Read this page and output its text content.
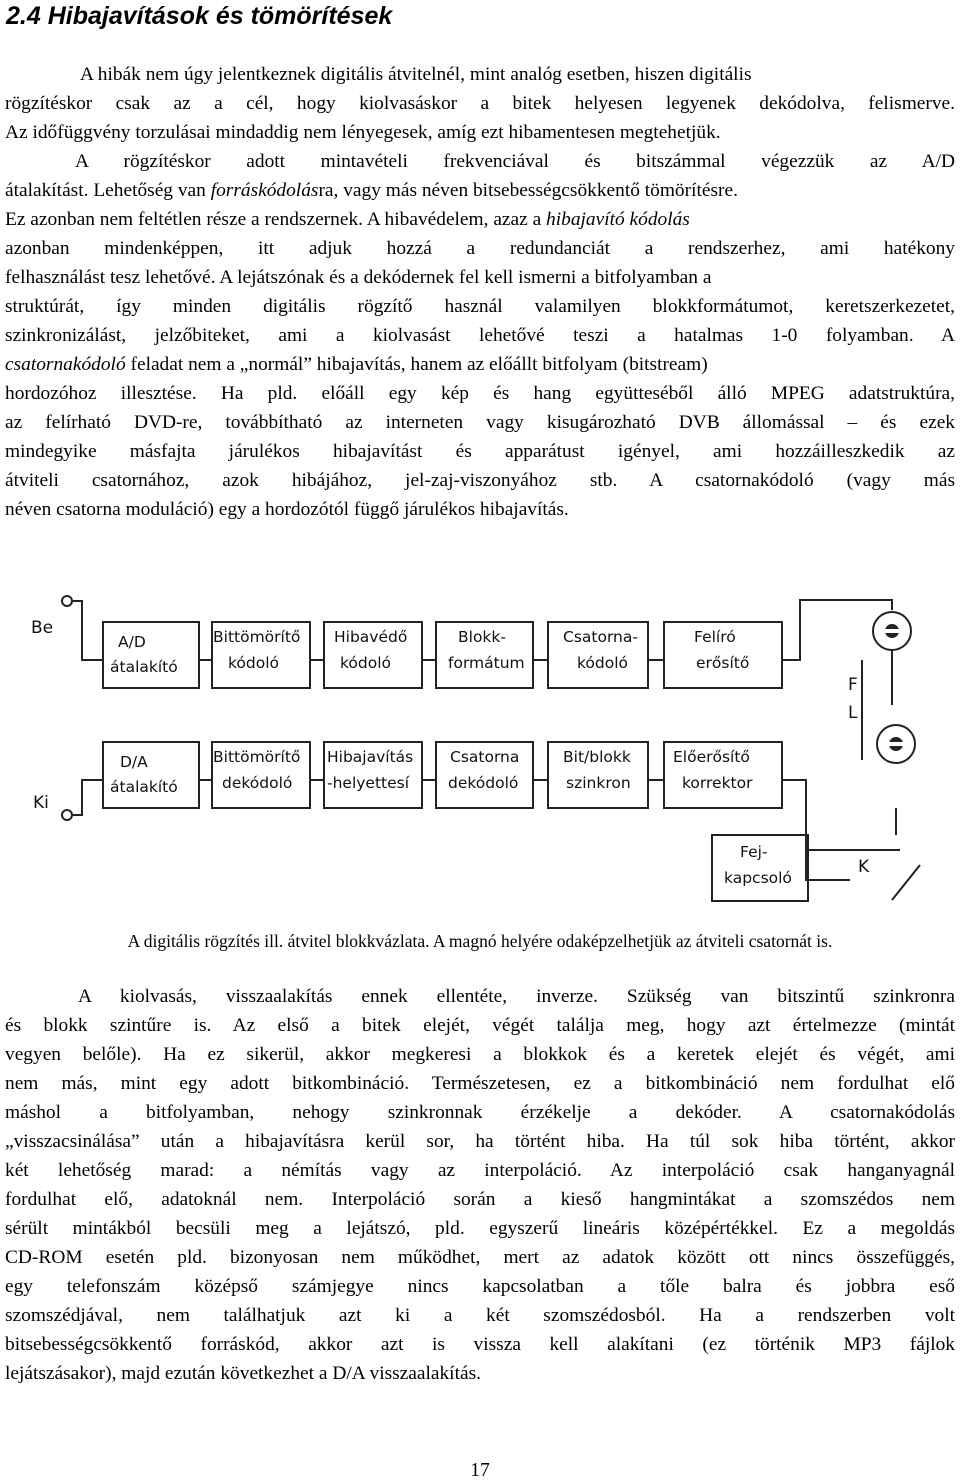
2.4 Hibajavítások és tömörítések
A hibák nem úgy jelentkeznek digitális átvitelnél, mint analóg esetben, hiszen digitális
rögzítéskor csak az a cél, hogy kiolvasáskor a bitek helyesen legyenek dekódolva, felismerve.
Az időfüggvény torzulásai mindaddig nem lényegesek, amíg ezt hibamentesen megtehetjük.
A rögzítéskor adott mintavételi frekvenciával és bitszámmal végezzük az A/D
átalakítást. Lehetőség van forráskódolásra, vagy más néven bitsebességcsökkentő tömörítésre.
Ez azonban nem feltétlen része a rendszernek. A hibavédelem, azaz a hibajavító kódolás
azonban mindenképpen, itt adjuk hozzá a redundanciát a rendszerhez, ami hatékony
felhasználást tesz lehetővé. A lejátszónak és a dekódernek fel kell ismerni a bitfolyamban a
struktúrát, így minden digitális rögzítő használ valamilyen blokkformátumot, keretszerkezetet,
szinkronizálást, jelzőbiteket, ami a kiolvasást lehetővé teszi a hatalmas 1-0 folyamban. A
csatornakódoló feladat nem a „normál” hibajavítás, hanem az előállt bitfolyam (bitstream)
hordozóhoz illesztése. Ha pld. előáll egy kép és hang együtteséből álló MPEG adatstruktúra,
az felírható DVD-re, továbbítható az interneten vagy kisugározható DVB állomással – és ezek
mindegyike másfajta járulékos hibajavítást és apparátust igényel, ami hozzáilleszkedik az
átviteli csatornához, azok hibájához, jel-zaj-viszonyához stb. A csatornakódoló (vagy más
néven csatorna moduláció) egy a hordozótól függő járulékos hibajavítás.
Be
Ki
F
L
K
A/D
átalakító
Bittömörítő
kódoló
Hibavédő
kódoló
Blokk-
formátum
Csatorna-
kódoló
Felíró
erősítő
D/A
átalakító
Bittömörítő
dekódoló
Hibajavítás
-helyettesí
Csatorna
dekódoló
Bit/blokk
szinkron
Előerősítő
korrektor
Fej-
kapcsoló
A digitális rögzítés ill. átvitel blokkvázlata. A magnó helyére odaképzelhetjük az átviteli csatornát is.
A kiolvasás, visszaalakítás ennek ellentéte, inverze. Szükség van bitszintű szinkronra
és blokk szintűre is. Az első a bitek elejét, végét találja meg, hogy azt értelmezze (mintát
vegyen belőle). Ha ez sikerül, akkor megkeresi a blokkok és a keretek elejét és végét, ami
nem más, mint egy adott bitkombináció. Természetesen, ez a bitkombináció nem fordulhat elő
máshol a bitfolyamban, nehogy szinkronnak érzékelje a dekóder. A csatornakódolás
„visszacsinálása” után a hibajavításra kerül sor, ha történt hiba. Ha túl sok hiba történt, akkor
két lehetőség marad: a némítás vagy az interpoláció. Az interpoláció csak hanganyagnál
fordulhat elő, adatoknál nem. Interpoláció során a kieső hangmintákat a szomszédos nem
sérült mintákból becsüli meg a lejátszó, pld. egyszerű lineáris középértékkel. Ez a megoldás
CD-ROM esetén pld. bizonyosan nem működhet, mert az adatok között ott nincs összefüggés,
egy telefonszám középső számjegye nincs kapcsolatban a tőle balra és jobbra eső
szomszédjával, nem találhatjuk azt ki a két szomszédosból. Ha a rendszerben volt
bitsebességcsökkentő forráskód, akkor azt is vissza kell alakítani (ez történik MP3 fájlok
lejátszásakor), majd ezután következhet a D/A visszaalakítás.
17
